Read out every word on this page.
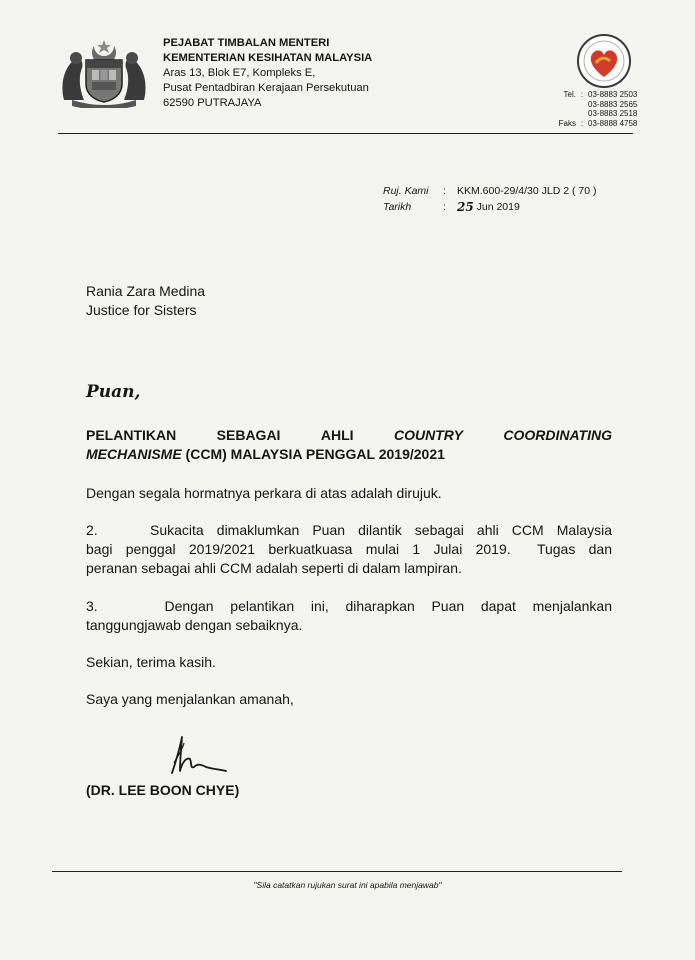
PEJABAT TIMBALAN MENTERI
KEMENTERIAN KESIHATAN MALAYSIA
Aras 13, Blok E7, Kompleks E,
Pusat Pentadbiran Kerajaan Persekutuan
62590 PUTRAJAYA
Tel. : 03-8883 2503
03-8883 2565
03-8883 2518
Faks : 03-8888 4758
Ruj. Kami	:	KKM.600-29/4/30 JLD 2 ( 70 )
Tarikh	: 25 Jun 2019
Rania Zara Medina
Justice for Sisters
Puan,
PELANTIKAN	SEBAGAI	AHLI	COUNTRY	COORDINATING
MECHANISME (CCM) MALAYSIA PENGGAL 2019/2021
Dengan segala hormatnya perkara di atas adalah dirujuk.
2.    Sukacita dimaklumkan Puan dilantik sebagai ahli CCM Malaysia
bagi penggal 2019/2021 berkuatkuasa mulai 1 Julai 2019.  Tugas dan
peranan sebagai ahli CCM adalah seperti di dalam lampiran.
3.    Dengan pelantikan ini, diharapkan Puan dapat menjalankan
tanggungjawab dengan sebaiknya.
Sekian, terima kasih.
Saya yang menjalankan amanah,
(DR. LEE BOON CHYE)
"Sila catatkan rujukan surat ini apabila menjawab"
